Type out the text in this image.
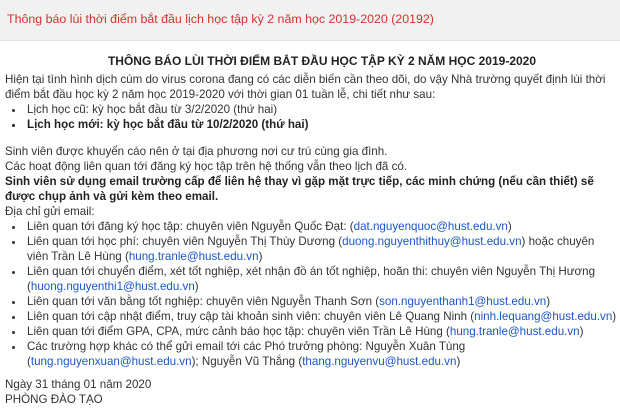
Thông báo lùi thời điểm bắt đầu lịch học tập kỳ 2 năm học 2019-2020 (20192)

THÔNG BÁO LÙI THỜI ĐIỂM BẮT ĐẦU HỌC TẬP KỲ 2 NĂM HỌC 2019-2020

Hiện tại tình hình dịch cúm do virus corona đang có các diễn biến cần theo dõi, do vậy Nhà trường quyết định lùi thời điểm bắt đầu học kỳ 2 năm học 2019-2020 với thời gian 01 tuần lễ, chi tiết như sau:

• Lịch học cũ: kỳ học bắt đầu từ 3/2/2020 (thứ hai)
• Lịch học mới: kỳ học bắt đầu từ 10/2/2020 (thứ hai)

Sinh viên được khuyến cáo nên ở tại địa phương nơi cư trú cùng gia đình.

Các hoạt động liên quan tới đăng ký học tập trên hệ thống vẫn theo lịch đã có.

Sinh viên sử dụng email trường cấp để liên hệ thay vì gặp mặt trực tiếp, các minh chứng (nếu cần thiết) sẽ được chụp ảnh và gửi kèm theo email.

Địa chỉ gửi email:

• Liên quan tới đăng ký học tập: chuyên viên Nguyễn Quốc Đạt: (dat.nguyenquoc@hust.edu.vn)
• Liên quan tới học phí: chuyên viên Nguyễn Thị Thùy Dương (duong.nguyenthithuy@hust.edu.vn) hoặc chuyên viên Trần Lê Hùng (hung.tranle@hust.edu.vn)
• Liên quan tới chuyển điểm, xét tốt nghiệp, xét nhận đồ án tốt nghiệp, hoãn thi: chuyên viên Nguyễn Thị Hương (huong.nguyenthi1@hust.edu.vn)
• Liên quan tới văn bằng tốt nghiệp: chuyên viên Nguyễn Thanh Sơn (son.nguyenthanh1@hust.edu.vn)
• Liên quan tới cập nhật điểm, truy cập tài khoản sinh viên: chuyên viên Lê Quang Ninh (ninh.lequang@hust.edu.vn)
• Liên quan tới điểm GPA, CPA, mức cảnh báo học tập: chuyên viên Trần Lê Hùng (hung.tranle@hust.edu.vn)
• Các trường hợp khác có thể gửi email tới các Phó trưởng phòng: Nguyễn Xuân Tùng (tung.nguyenxuan@hust.edu.vn); Nguyễn Vũ Thắng (thang.nguyenvu@hust.edu.vn)

Ngày 31 tháng 01 năm 2020

PHÒNG ĐÀO TẠO
